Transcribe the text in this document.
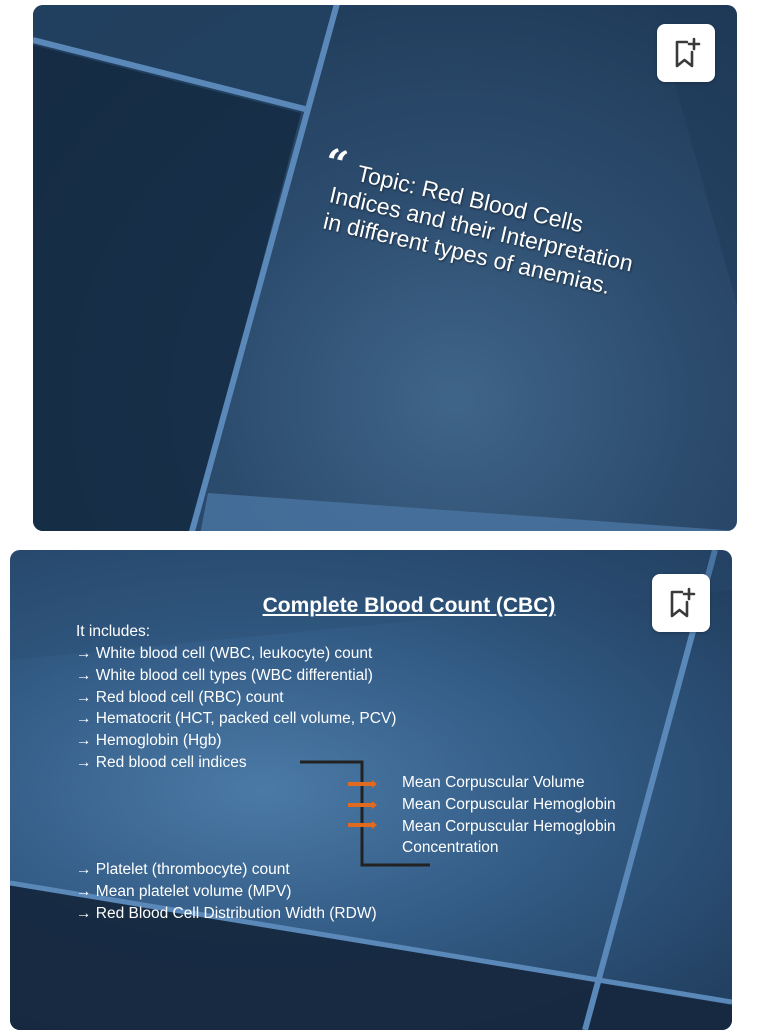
“ Topic: Red Blood Cells Indices and their Interpretation in different types of anemias.
Complete Blood Count (CBC)
It includes:
→ White blood cell (WBC, leukocyte) count
→ White blood cell types (WBC differential)
→ Red blood cell (RBC) count
→ Hematocrit (HCT, packed cell volume, PCV)
→ Hemoglobin (Hgb)
→ Red blood cell indices
Mean Corpuscular Volume
Mean Corpuscular Hemoglobin
Mean Corpuscular Hemoglobin
Concentration
→ Platelet (thrombocyte) count
→ Mean platelet volume (MPV)
→ Red Blood Cell Distribution Width (RDW)
